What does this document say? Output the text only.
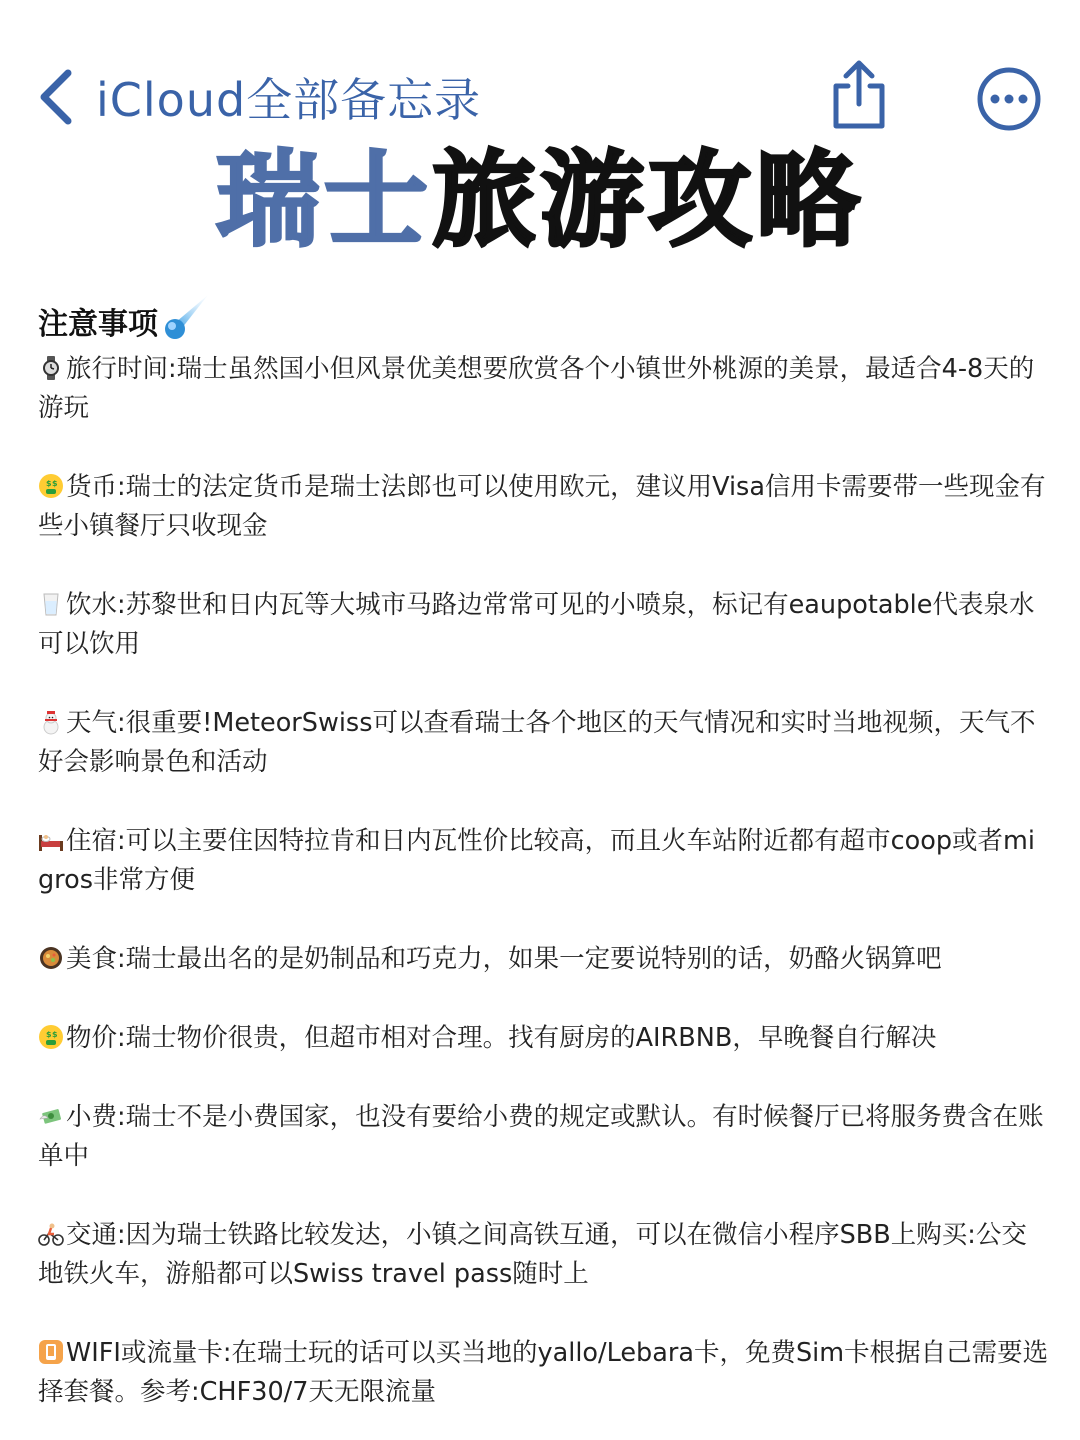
iCloud全部备忘录
瑞士旅游攻略
注意事项
旅行时间:瑞士虽然国小但风景优美想要欣赏各个小镇世外桃源的美景，最适合4-8天的游玩
$ $ 货币:瑞士的法定货币是瑞士法郎也可以使用欧元，建议用Visa信用卡需要带一些现金有些小镇餐厅只收现金
饮水:苏黎世和日内瓦等大城市马路边常常可见的小喷泉，标记有eaupotable代表泉水可以饮用
天气:很重要!MeteorSwiss可以查看瑞士各个地区的天气情况和实时当地视频，天气不好会影响景色和活动
住宿:可以主要住因特拉肯和日内瓦性价比较高，而且火车站附近都有超市coop或者migros非常方便
美食:瑞士最出名的是奶制品和巧克力，如果一定要说特别的话，奶酪火锅算吧
$ $ 物价:瑞士物价很贵，但超市相对合理。找有厨房的AIRBNB，早晚餐自行解决
小费:瑞士不是小费国家，也没有要给小费的规定或默认。有时候餐厅已将服务费含在账单中
交通:因为瑞士铁路比较发达，小镇之间高铁互通，可以在微信小程序SBB上购买:公交地铁火车，游船都可以Swiss travel pass随时上
WIFI或流量卡:在瑞士玩的话可以买当地的yallo/Lebara卡，免费Sim卡根据自己需要选择套餐。参考:CHF30/7天无限流量
